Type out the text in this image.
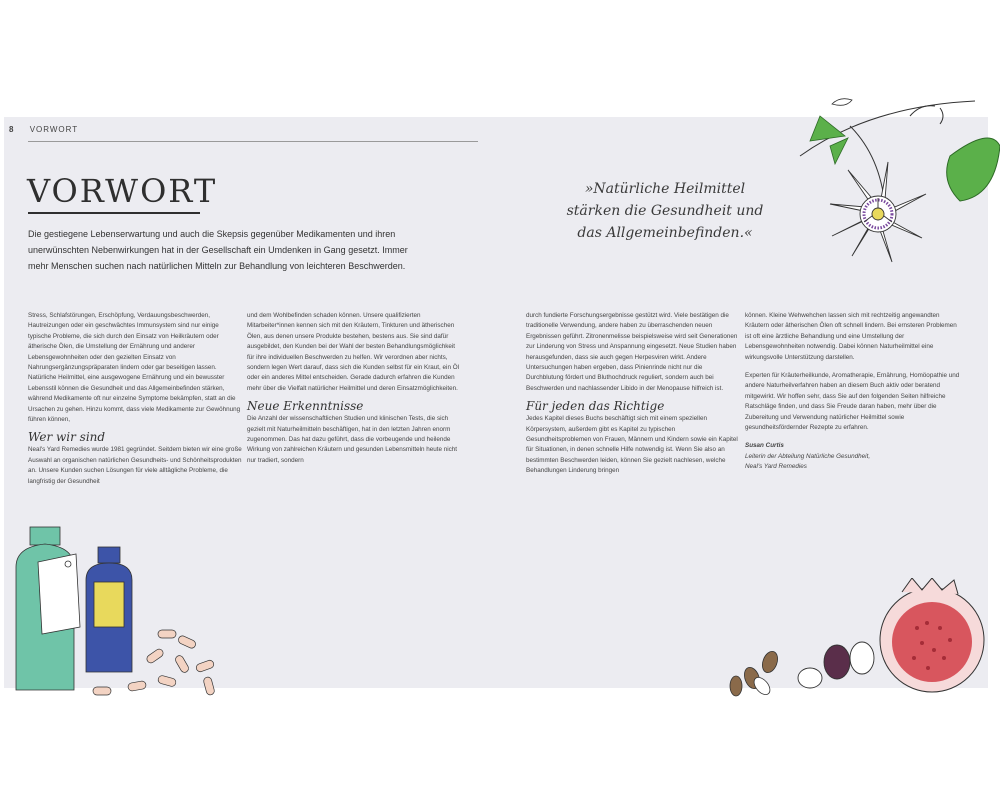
8 VORWORT
VORWORT

Die gestiegene Lebenserwartung und auch die Skepsis gegenüber Medikamenten und ihren unerwünschten Nebenwirkungen hat in der Gesellschaft ein Umdenken in Gang gesetzt. Immer mehr Menschen suchen nach natürlichen Mitteln zur Behandlung von leichteren Beschwerden.

»Natürliche Heilmittel stärken die Gesundheit und das Allgemeinbefinden.«

Stress, Schlafstörungen, Erschöpfung, Verdauungsbeschwerden, Hautreizungen oder ein geschwächtes Immunsystem sind nur einige typische Probleme, die sich durch den Einsatz von Heilkräutern oder ätherische Ölen, die Umstellung der Ernährung und anderer Lebensgewohnheiten oder den gezielten Einsatz von Nahrungsergänzungspräparaten lindern oder gar beseitigen lassen. Natürliche Heilmittel, eine ausgewogene Ernährung und ein bewusster Lebensstil können die Gesundheit und das Allgemeinbefinden stärken, während Medikamente oft nur einzelne Symptome bekämpfen, statt an die Ursachen zu gehen. Hinzu kommt, dass viele Medikamente zur Gewöhnung führen können,

Wer wir sind

Neal's Yard Remedies wurde 1981 gegründet. Seitdem bieten wir eine große Auswahl an organischen natürlichen Gesundheits- und Schönheitsprodukten an. Unsere Kunden suchen Lösungen für viele alltägliche Probleme, die langfristig der Gesundheit

und dem Wohlbefinden schaden können. Unsere qualifizierten Mitarbeiter*innen kennen sich mit den Kräutern, Tinkturen und ätherischen Ölen, aus denen unsere Produkte bestehen, bestens aus. Sie sind dafür ausgebildet, den Kunden bei der Wahl der besten Behandlungsmöglichkeit für ihre individuellen Beschwerden zu helfen. Wir verordnen aber nichts, sondern legen Wert darauf, dass sich die Kunden selbst für ein Kraut, ein Öl oder ein anderes Mittel entscheiden. Gerade dadurch erfahren die Kunden mehr über die Vielfalt natürlicher Heilmittel und deren Einsatzmöglichkeiten.

Neue Erkenntnisse

Die Anzahl der wissenschaftlichen Studien und klinischen Tests, die sich gezielt mit Naturheilmitteln beschäftigen, hat in den letzten Jahren enorm zugenommen. Das hat dazu geführt, dass die vorbeugende und heilende Wirkung von zahlreichen Kräutern und gesunden Lebensmitteln heute nicht nur tradiert, sondern

durch fundierte Forschungsergebnisse gestützt wird. Viele bestätigen die traditionelle Verwendung, andere haben zu überraschenden neuen Ergebnissen geführt. Zitronenmelisse beispielsweise wird seit Generationen zur Linderung von Stress und Anspannung eingesetzt. Neue Studien haben herausgefunden, dass sie auch gegen Herpesviren wirkt. Andere Untersuchungen haben ergeben, dass Pinienrinde nicht nur die Durchblutung fördert und Bluthochdruck reguliert, sondern auch bei Beschwerden und nachlassender Libido in der Menopause hilfreich ist.

Für jeden das Richtige

Jedes Kapitel dieses Buchs beschäftigt sich mit einem speziellen Körpersystem, außerdem gibt es Kapitel zu typischen Gesundheitsproblemen von Frauen, Männern und Kindern sowie ein Kapitel für Situationen, in denen schnelle Hilfe notwendig ist. Wenn Sie also an bestimmten Beschwerden leiden, können Sie gezielt nachlesen, welche Behandlungen Linderung bringen

können. Kleine Wehwehchen lassen sich mit rechtzeitig angewandten Kräutern oder ätherischen Ölen oft schnell lindern. Bei ernsteren Problemen ist oft eine ärztliche Behandlung und eine Umstellung der Lebensgewohnheiten notwendig. Dabei können Naturheilmittel eine wirkungsvolle Unterstützung darstellen.

Experten für Kräuterheilkunde, Aromatherapie, Ernährung, Homöopathie und andere Naturheilverfahren haben an diesem Buch aktiv oder beratend mitgewirkt. Wir hoffen sehr, dass Sie auf den folgenden Seiten hilfreiche Ratschläge finden, und dass Sie Freude daran haben, mehr über die Zubereitung und Verwendung natürlicher Heilmittel sowie gesundheitsfördernder Rezepte zu erfahren.

Susan Curtis

Leiterin der Abteilung Natürliche Gesundheit,

Neal's Yard Remedies
